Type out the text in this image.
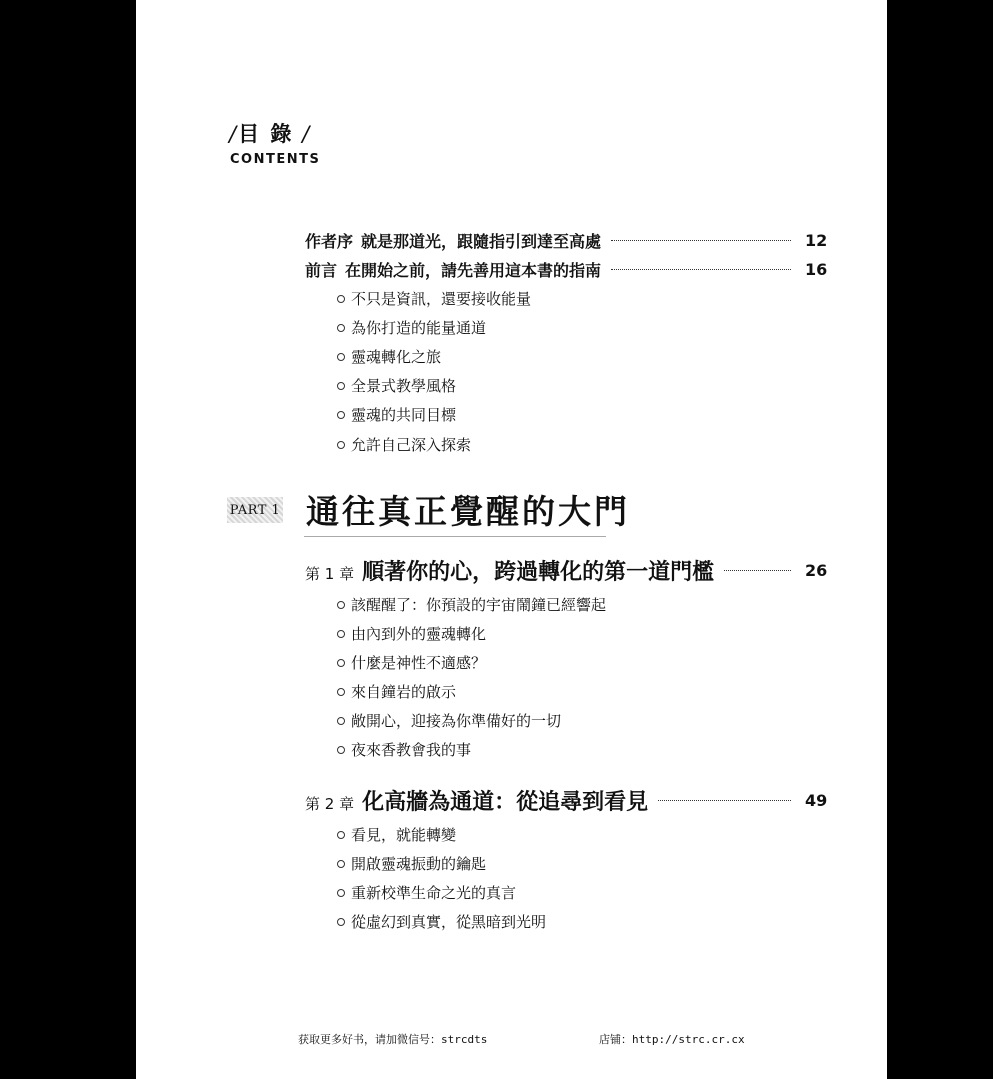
/目 錄 /
CONTENTS
作者序 就是那道光，跟隨指引到達至高處	12
前言 在開始之前，請先善用這本書的指南	16
不只是資訊，還要接收能量
為你打造的能量通道
靈魂轉化之旅
全景式教學風格
靈魂的共同目標
允許自己深入探索
PART 1 通往真正覺醒的大門
第 1 章 順著你的心，跨過轉化的第一道門檻	26
該醒醒了：你預設的宇宙鬧鐘已經響起
由內到外的靈魂轉化
什麼是神性不適感？
來自鐘岩的啟示
敞開心，迎接為你準備好的一切
夜來香教會我的事
第 2 章 化高牆為通道：從追尋到看見	49
看見，就能轉變
開啟靈魂振動的鑰匙
重新校準生命之光的真言
從虛幻到真實，從黑暗到光明
获取更多好书，请加微信号：strcdts	店铺：http://strc.cr.cx
